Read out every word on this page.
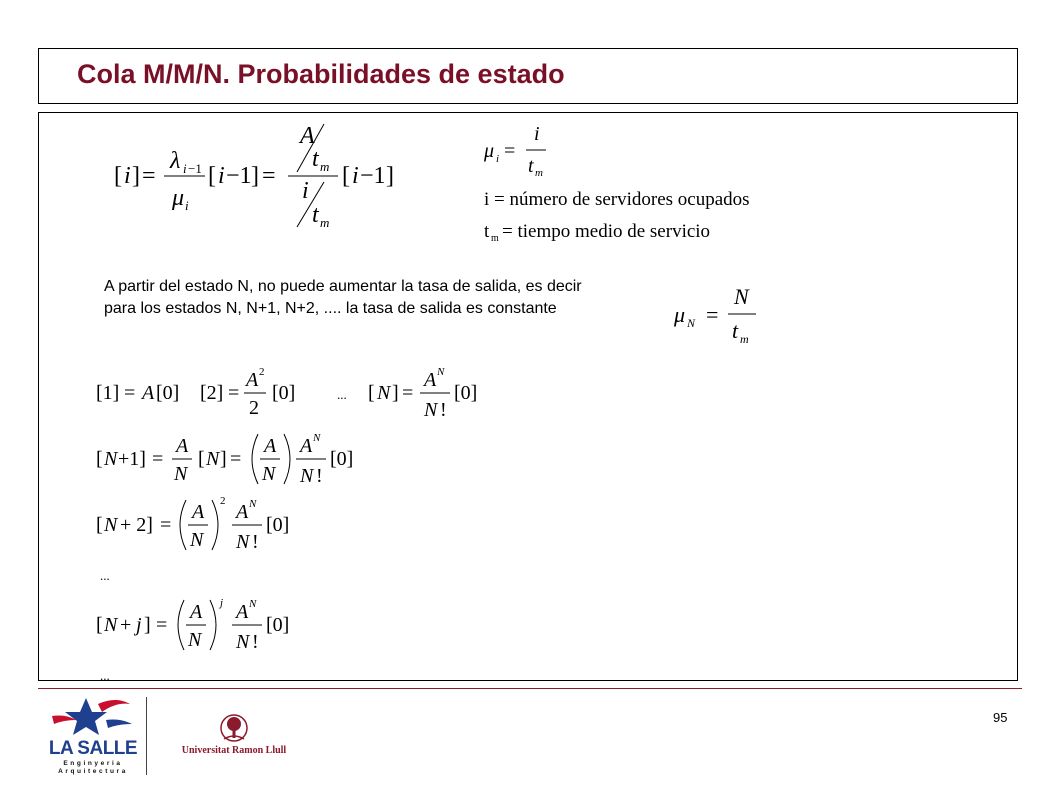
Cola M/M/N. Probabilidades de estado
[ i ] =
λ i −1
μ i
[ i −1 ] =
A
t m
i
t m
[ i −1 ]
μ i =
i
t m
i = número de servidores ocupados
t m = tiempo medio de servicio

A partir del estado N, no puede aumentar la tasa de salida, es decir para los estados N, N+1, N+2, .... la tasa de salida es constante	μ N =
N
t m
[1] = A [0] [2] =
A 2
2
[0]	... [ N ] =
A N
N !
[0]
[ N +1] =
A
N
[ N ] =
A
N
A N
N !
[0]
[ N + 2] =
A
N
2 A N
N !
[0]
...
[ N + j ] =
A
N
j A N
N !
[0]
...
LA SALLE
Enginyeria
Arquitectura
Universitat Ramon Llull
95
